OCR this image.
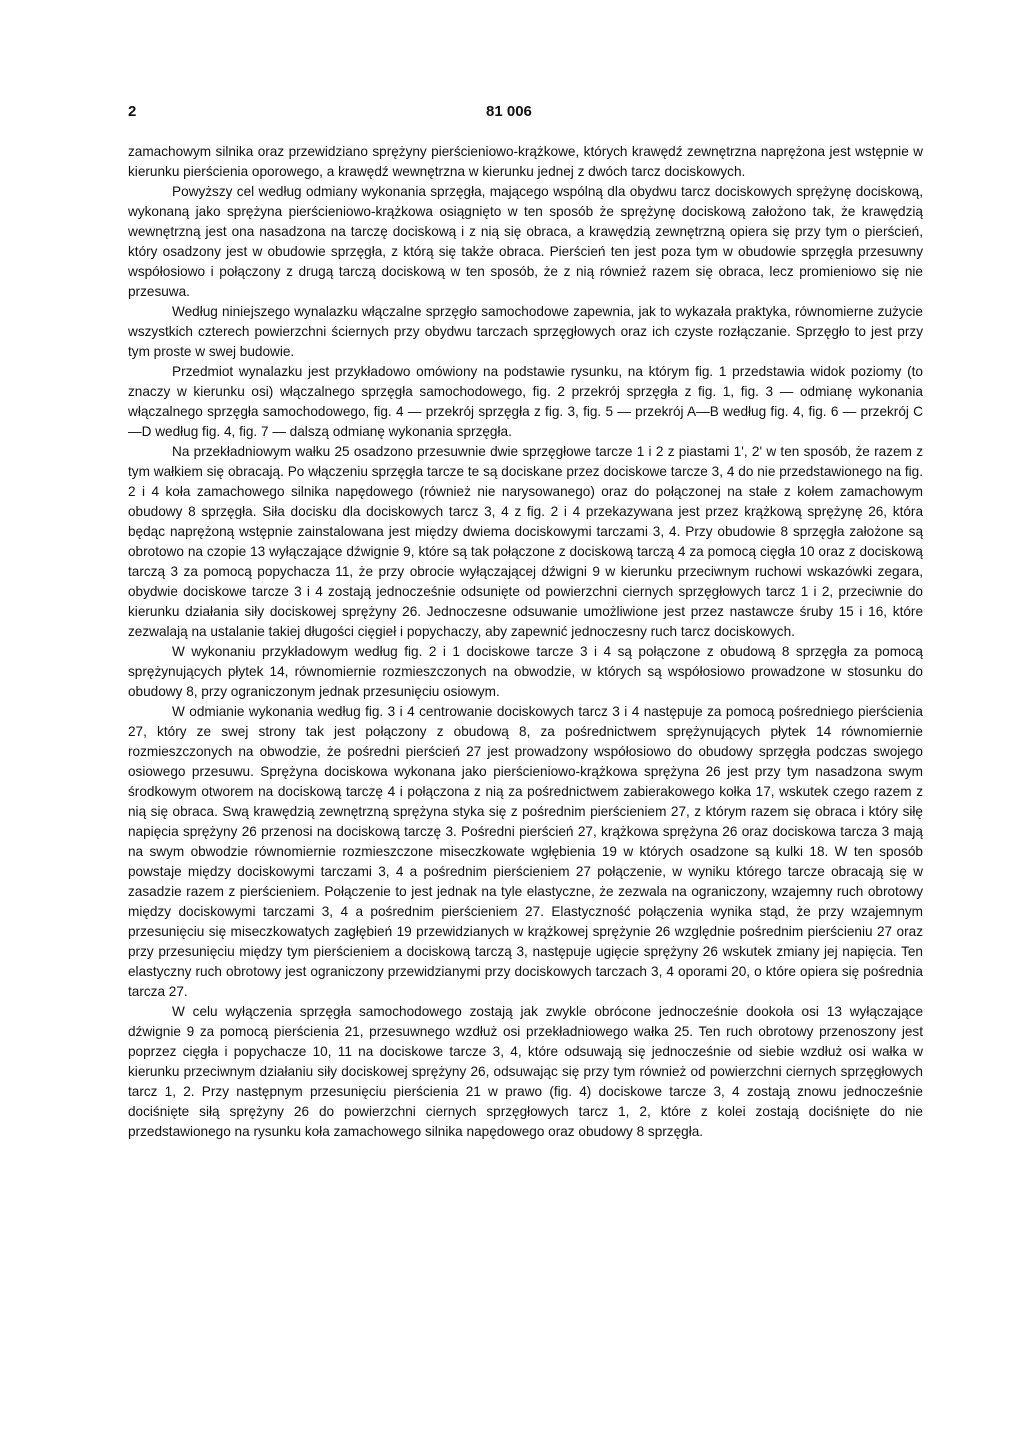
2	81 006

zamachowym silnika oraz przewidziano sprężyny pierścieniowo-krążkowe, których krawędź zewnętrzna naprężona jest wstępnie w kierunku pierścienia oporowego, a krawędź wewnętrzna w kierunku jednej z dwóch tarcz dociskowych.

Powyższy cel według odmiany wykonania sprzęgła, mającego wspólną dla obydwu tarcz dociskowych sprężynę dociskową, wykonaną jako sprężyna pierścieniowo-krążkowa osiągnięto w ten sposób że sprężynę dociskową założono tak, że krawędzią wewnętrzną jest ona nasadzona na tarczę dociskową i z nią się obraca, a krawędzią zewnętrzną opiera się przy tym o pierścień, który osadzony jest w obudowie sprzęgła, z którą się także obraca. Pierścień ten jest poza tym w obudowie sprzęgła przesuwny współosiowo i połączony z drugą tarczą dociskową w ten sposób, że z nią również razem się obraca, lecz promieniowo się nie przesuwa.

Według niniejszego wynalazku włączalne sprzęgło samochodowe zapewnia, jak to wykazała praktyka, równomierne zużycie wszystkich czterech powierzchni ściernych przy obydwu tarczach sprzęgłowych oraz ich czyste rozłączanie. Sprzęgło to jest przy tym proste w swej budowie.

Przedmiot wynalazku jest przykładowo omówiony na podstawie rysunku, na którym fig. 1 przedstawia widok poziomy (to znaczy w kierunku osi) włączalnego sprzęgła samochodowego, fig. 2 przekrój sprzęgła z fig. 1, fig. 3 — odmianę wykonania włączalnego sprzęgła samochodowego, fig. 4 — przekrój sprzęgła z fig. 3, fig. 5 — przekrój A—B według fig. 4, fig. 6 — przekrój C—D według fig. 4, fig. 7 — dalszą odmianę wykonania sprzęgła.

Na przekładniowym wałku 25 osadzono przesuwnie dwie sprzęgłowe tarcze 1 i 2 z piastami 1', 2' w ten sposób, że razem z tym wałkiem się obracają. Po włączeniu sprzęgła tarcze te są dociskane przez dociskowe tarcze 3, 4 do nie przedstawionego na fig. 2 i 4 koła zamachowego silnika napędowego (również nie narysowanego) oraz do połączonej na stałe z kołem zamachowym obudowy 8 sprzęgła. Siła docisku dla dociskowych tarcz 3, 4 z fig. 2 i 4 przekazywana jest przez krążkową sprężynę 26, która będąc naprężoną wstępnie zainstalowana jest między dwiema dociskowymi tarczami 3, 4. Przy obudowie 8 sprzęgła założone są obrotowo na czopie 13 wyłączające dźwignie 9, które są tak połączone z dociskową tarczą 4 za pomocą cięgła 10 oraz z dociskową tarczą 3 za pomocą popychacza 11, że przy obrocie wyłączającej dźwigni 9 w kierunku przeciwnym ruchowi wskazówki zegara, obydwie dociskowe tarcze 3 i 4 zostają jednocześnie odsunięte od powierzchni ciernych sprzęgłowych tarcz 1 i 2, przeciwnie do kierunku działania siły dociskowej sprężyny 26. Jednoczesne odsuwanie umożliwione jest przez nastawcze śruby 15 i 16, które zezwalają na ustalanie takiej długości cięgieł i popychaczy, aby zapewnić jednoczesny ruch tarcz dociskowych.

W wykonaniu przykładowym według fig. 2 i 1 dociskowe tarcze 3 i 4 są połączone z obudową 8 sprzęgła za pomocą sprężynujących płytek 14, równomiernie rozmieszczonych na obwodzie, w których są współosiowo prowadzone w stosunku do obudowy 8, przy ograniczonym jednak przesunięciu osiowym.

W odmianie wykonania według fig. 3 i 4 centrowanie dociskowych tarcz 3 i 4 następuje za pomocą pośredniego pierścienia 27, który ze swej strony tak jest połączony z obudową 8, za pośrednictwem sprężynujących płytek 14 równomiernie rozmieszczonych na obwodzie, że pośredni pierścień 27 jest prowadzony współosiowo do obudowy sprzęgła podczas swojego osiowego przesuwu. Sprężyna dociskowa wykonana jako pierścieniowo-krążkowa sprężyna 26 jest przy tym nasadzona swym środkowym otworem na dociskową tarczę 4 i połączona z nią za pośrednictwem zabierakowego kołka 17, wskutek czego razem z nią się obraca. Swą krawędzią zewnętrzną sprężyna styka się z pośrednim pierścieniem 27, z którym razem się obraca i który siłę napięcia sprężyny 26 przenosi na dociskową tarczę 3. Pośredni pierścień 27, krążkowa sprężyna 26 oraz dociskowa tarcza 3 mają na swym obwodzie równomiernie rozmieszczone miseczkowate wgłębienia 19 w których osadzone są kulki 18. W ten sposób powstaje między dociskowymi tarczami 3, 4 a pośrednim pierścieniem 27 połączenie, w wyniku którego tarcze obracają się w zasadzie razem z pierścieniem. Połączenie to jest jednak na tyle elastyczne, że zezwala na ograniczony, wzajemny ruch obrotowy między dociskowymi tarczami 3, 4 a pośrednim pierścieniem 27. Elastyczność połączenia wynika stąd, że przy wzajemnym przesunięciu się miseczkowatych zagłębień 19 przewidzianych w krążkowej sprężynie 26 względnie pośrednim pierścieniu 27 oraz przy przesunięciu między tym pierścieniem a dociskową tarczą 3, następuje ugięcie sprężyny 26 wskutek zmiany jej napięcia. Ten elastyczny ruch obrotowy jest ograniczony przewidzianymi przy dociskowych tarczach 3, 4 oporami 20, o które opiera się pośrednia tarcza 27.

W celu wyłączenia sprzęgła samochodowego zostają jak zwykle obrócone jednocześnie dookoła osi 13 wyłączające dźwignie 9 za pomocą pierścienia 21, przesuwnego wzdłuż osi przekładniowego wałka 25. Ten ruch obrotowy przenoszony jest poprzez cięgła i popychacze 10, 11 na dociskowe tarcze 3, 4, które odsuwają się jednocześnie od siebie wzdłuż osi wałka w kierunku przeciwnym działaniu siły dociskowej sprężyny 26, odsuwając się przy tym również od powierzchni ciernych sprzęgłowych tarcz 1, 2. Przy następnym przesunięciu pierścienia 21 w prawo (fig. 4) dociskowe tarcze 3, 4 zostają znowu jednocześnie dociśnięte siłą sprężyny 26 do powierzchni ciernych sprzęgłowych tarcz 1, 2, które z kolei zostają dociśnięte do nie przedstawionego na rysunku koła zamachowego silnika napędowego oraz obudowy 8 sprzęgła.
